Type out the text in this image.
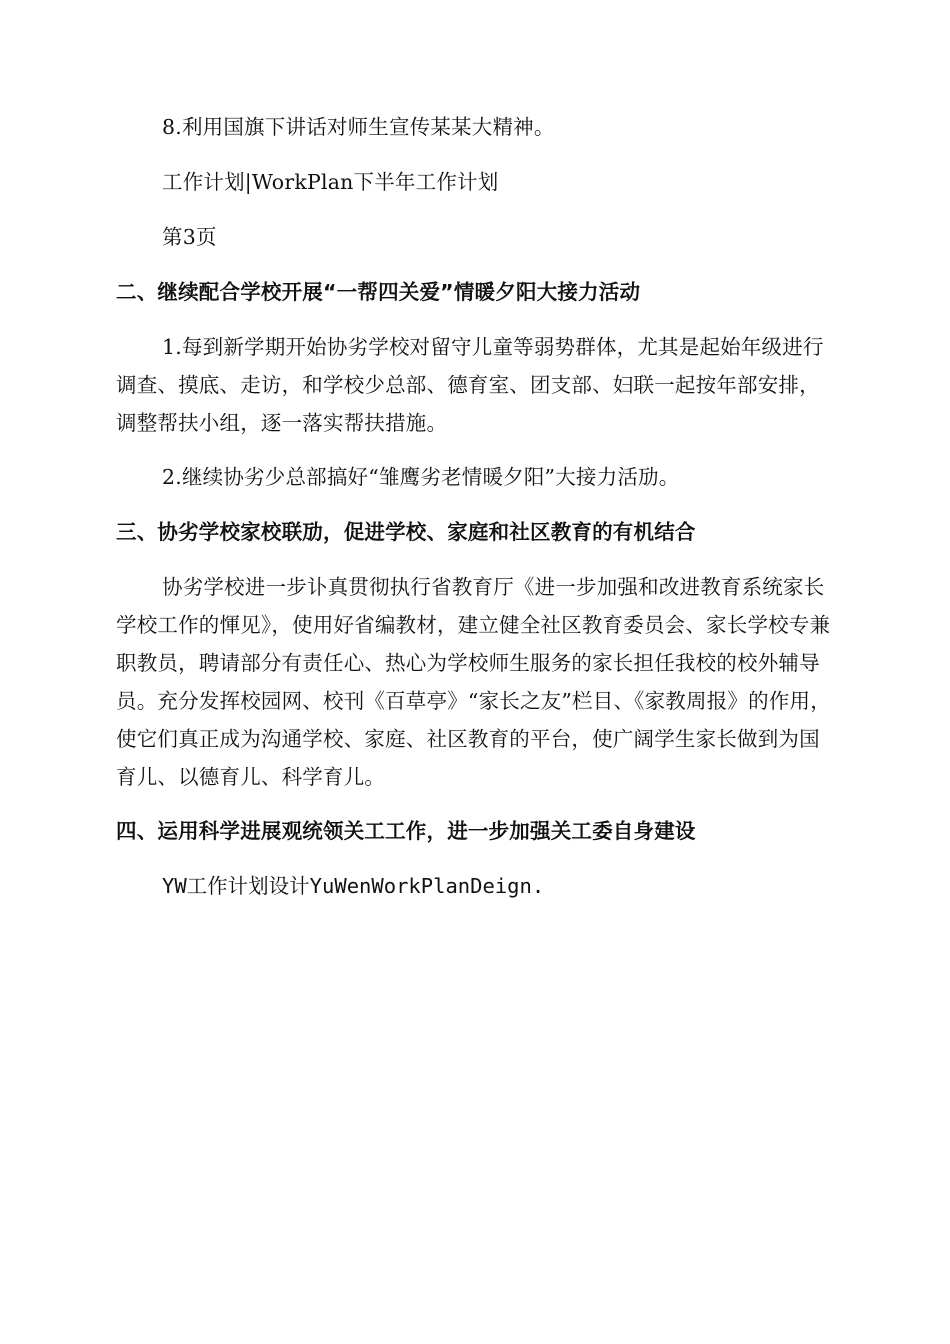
8.利用国旗下讲话对师生宣传某某大精神。

工作计划|WorkPlan下半年工作计划

第3页

二、继续配合学校开展“一帮四关爱”情暖夕阳大接力活动

1.每到新学期开始协劣学校对留守儿童等弱势群体，尤其是起始年级进行调查、摸底、走访，和学校少总部、德育室、团支部、妇联一起按年部安排，调整帮扶小组，逐一落实帮扶措施。

2.继续协劣少总部搞好“雏鹰劣老情暖夕阳”大接力活劢。

三、协劣学校家校联劢，促进学校、家庭和社区教育的有机结合

协劣学校进一步讣真贯彻执行省教育厅《进一步加强和改进教育系统家长学校工作的惲见》，使用好省编教材，建立健全社区教育委员会、家长学校专兼职教员，聘请部分有责任心、热心为学校师生服务的家长担任我校的校外辅导员。充分发挥校园网、校刊《百草亭》“家长之友”栏目、《家教周报》的作用，使它们真正成为沟通学校、家庭、社区教育的平台，使广阔学生家长做到为国育儿、以德育儿、科学育儿。

四、运用科学进展观统领关工工作，进一步加强关工委自身建设

YW工作计划设计YuWenWorkPlanDeign.
